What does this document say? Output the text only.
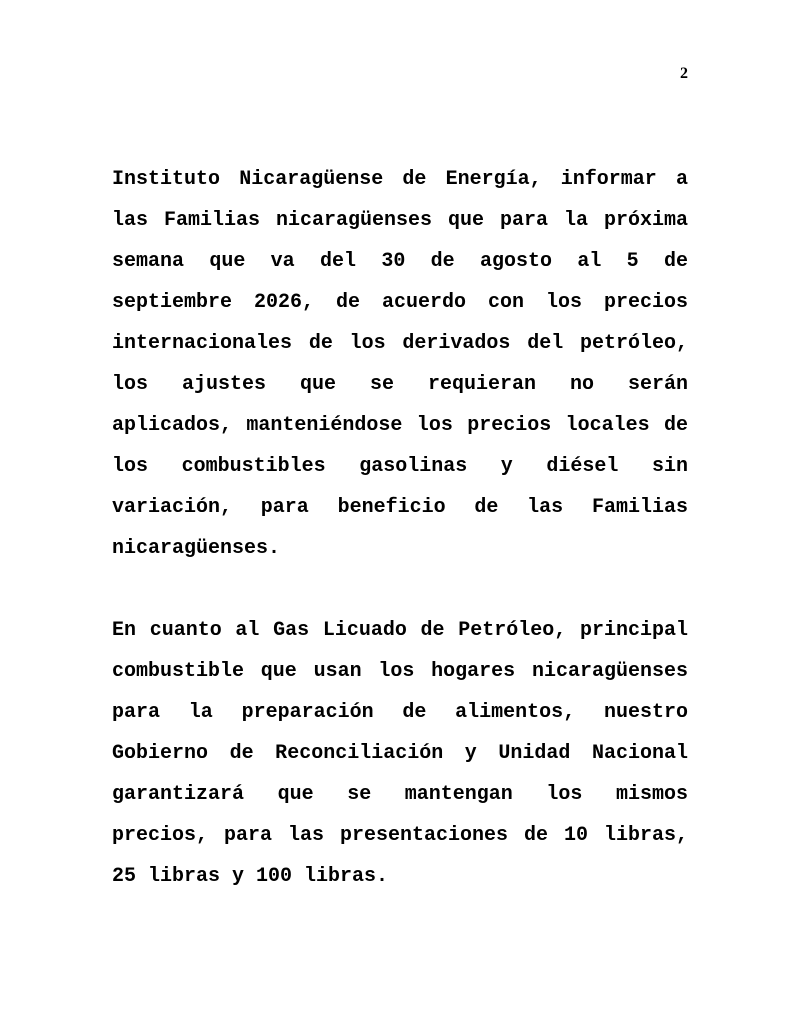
2

Instituto Nicaragüense de Energía, informar a las Familias nicaragüenses que para la próxima semana que va del 30 de agosto al 5 de septiembre 2026, de acuerdo con los precios internacionales de los derivados del petróleo, los ajustes que se requieran no serán aplicados, manteniéndose los precios locales de los combustibles gasolinas y diésel sin variación, para beneficio de las Familias nicaragüenses.

En cuanto al Gas Licuado de Petróleo, principal combustible que usan los hogares nicaragüenses para la preparación de alimentos, nuestro Gobierno de Reconciliación y Unidad Nacional garantizará que se mantengan los mismos precios, para las presentaciones de 10 libras, 25 libras y 100 libras.
